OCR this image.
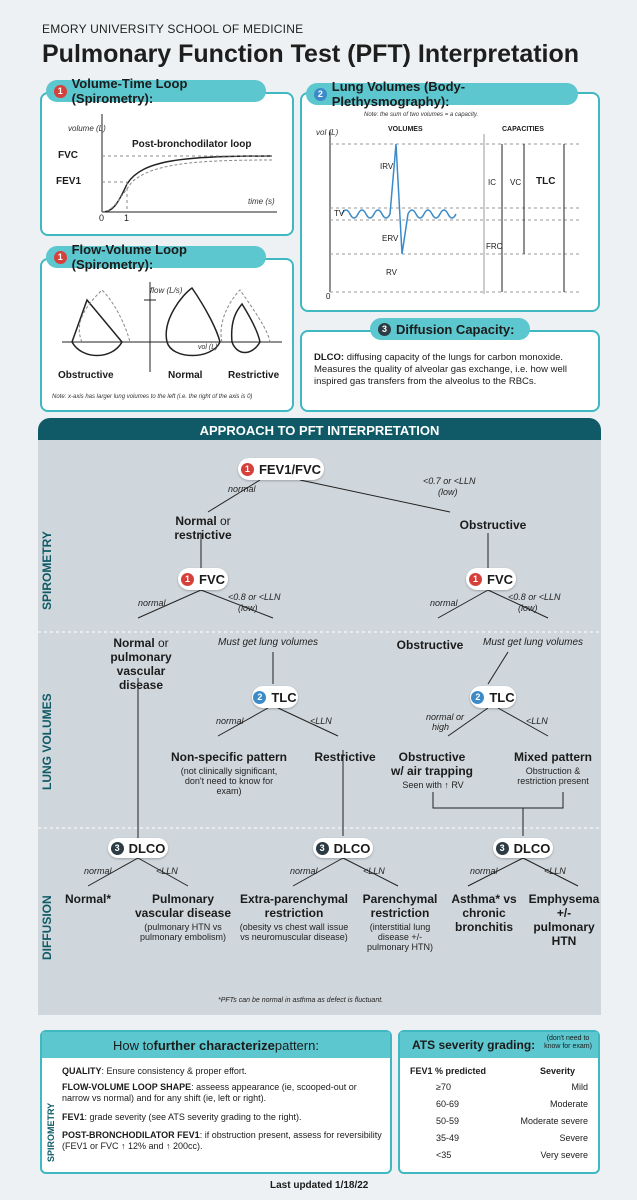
EMORY UNIVERSITY SCHOOL OF MEDICINE
Pulmonary Function Test (PFT) Interpretation
volume (L)
Post-bronchodilator loop
FVC
FEV1
time (s)
0 1
1 Volume-Time Loop (Spirometry):
flow (L/s)
vol (L)
Obstructive	Normal	Restrictive
Note: x-axis has larger lung volumes to the left (i.e. the right of the axis is 0)
1 Flow-Volume Loop (Spirometry):
Note: the sum of two volumes = a capacity.
vol (L)	VOLUMES	CAPACITIES
IRV
TV
ERV
RV
IC VC TLC
FRC
0
2 Lung Volumes (Body-Plethysmography):
DLCO: diffusing capacity of the lungs for carbon monoxide. Measures the quality of alveolar gas exchange, i.e. how well inspired gas transfers from the alveolus to the RBCs.
3 Diffusion Capacity:
APPROACH TO PFT INTERPRETATION
SPIROMETRY
LUNG VOLUMES
DIFFUSION
1 FEV1/FVC
normal
<0.7 or <LLN
(low)
Normal or
restrictive
Obstructive
1 FVC	1 FVC
normal
<0.8 or <LLN
(low)	normal
<0.8 or <LLN
(low)
Normal or
pulmonary
vascular disease
Must get lung volumes	Obstructive	Must get lung volumes
2 TLC	2 TLC
normal	<LLN	normal or
high
<LLN
Non-specific pattern
(not clinically significant, don't need to know for exam)
Restrictive	Obstructive
w/ air trapping
Seen with ↑ RV
Mixed pattern
Obstruction & restriction present
3 DLCO	3 DLCO	3 DLCO
normal	<LLN	normal	<LLN	normal	<LLN
Normal*	Pulmonary
vascular disease
(pulmonary HTN vs pulmonary embolism)
Extra-parenchymal
restriction
(obesity vs chest wall issue vs neuromuscular disease)
Parenchymal
restriction
(interstitial lung disease +/- pulmonary HTN)
Asthma* vs
chronic
bronchitis
Emphysema
+/- pulmonary
HTN
*PFTs can be normal in asthma as defect is fluctuant.
How to further characterize pattern:
SPIROMETRY
QUALITY: Ensure consistency & proper effort.
FLOW-VOLUME LOOP SHAPE: asseess appearance (ie, scooped-out or narrow vs normal) and for any shift (ie, left or right).
FEV1: grade severity (see ATS severity grading to the right).
POST-BRONCHODILATOR FEV1: if obstruction present, assess for reversibility (FEV1 or FVC ↑ 12% and ↑ 200cc).
ATS severity grading:	(don't need to know for exam)
FEV1 % predicted	Severity
≥70	Mild
60-69	Moderate
50-59	Moderate severe
35-49	Severe
<35	Very severe
Last updated 1/18/22
